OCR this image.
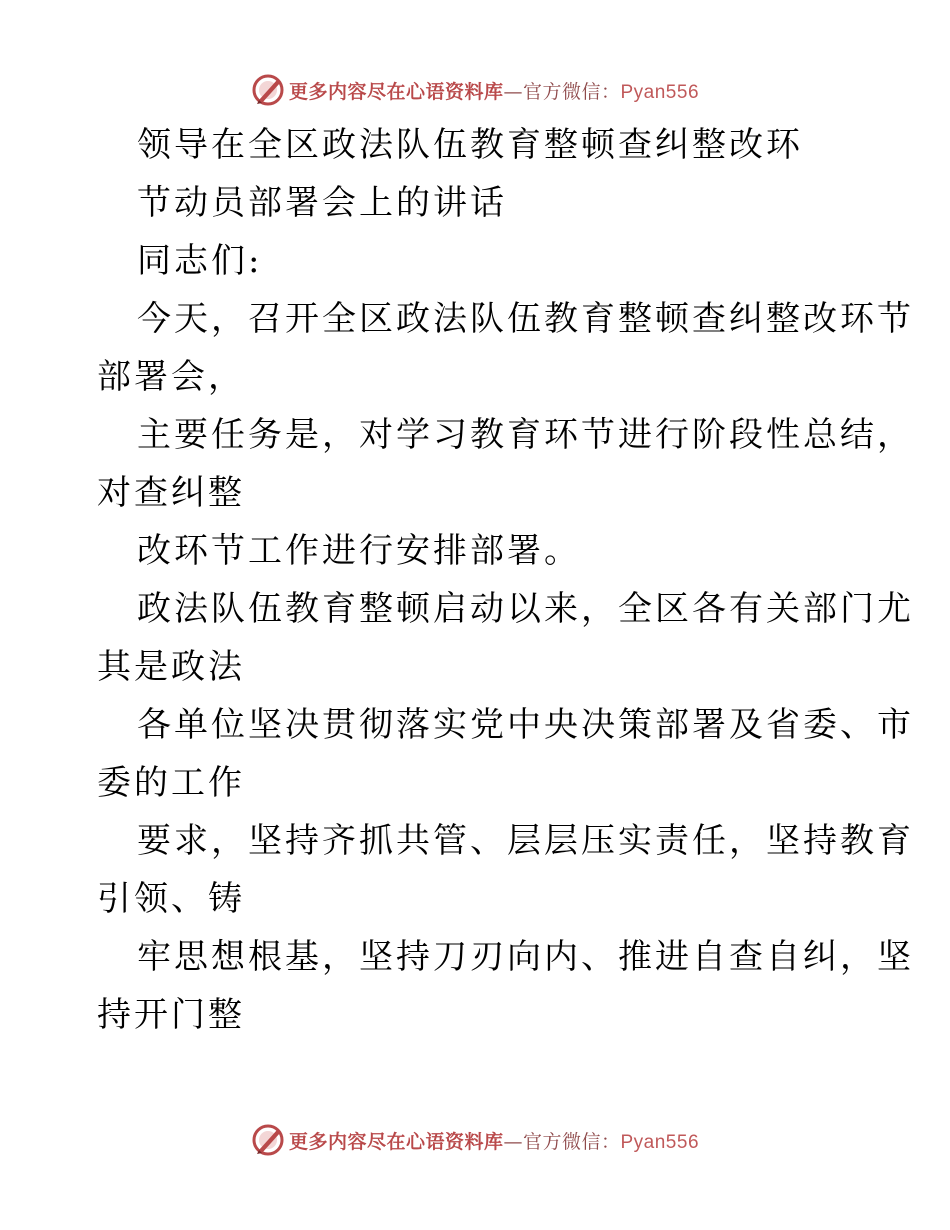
更多内容尽在心语资料库—官方微信：Pyan556
领导在全区政法队伍教育整顿查纠整改环
节动员部署会上的讲话
同志们:
今天，召开全区政法队伍教育整顿查纠整改环节
部署会，
主要任务是，对学习教育环节进行阶段性总结，
对查纠整
改环节工作进行安排部署。
政法队伍教育整顿启动以来，全区各有关部门尤
其是政法
各单位坚决贯彻落实党中央决策部署及省委、市
委的工作
要求，坚持齐抓共管、层层压实责任，坚持教育
引领、铸
牢思想根基，坚持刀刃向内、推进自查自纠，坚
持开门整
更多内容尽在心语资料库—官方微信：Pyan556
